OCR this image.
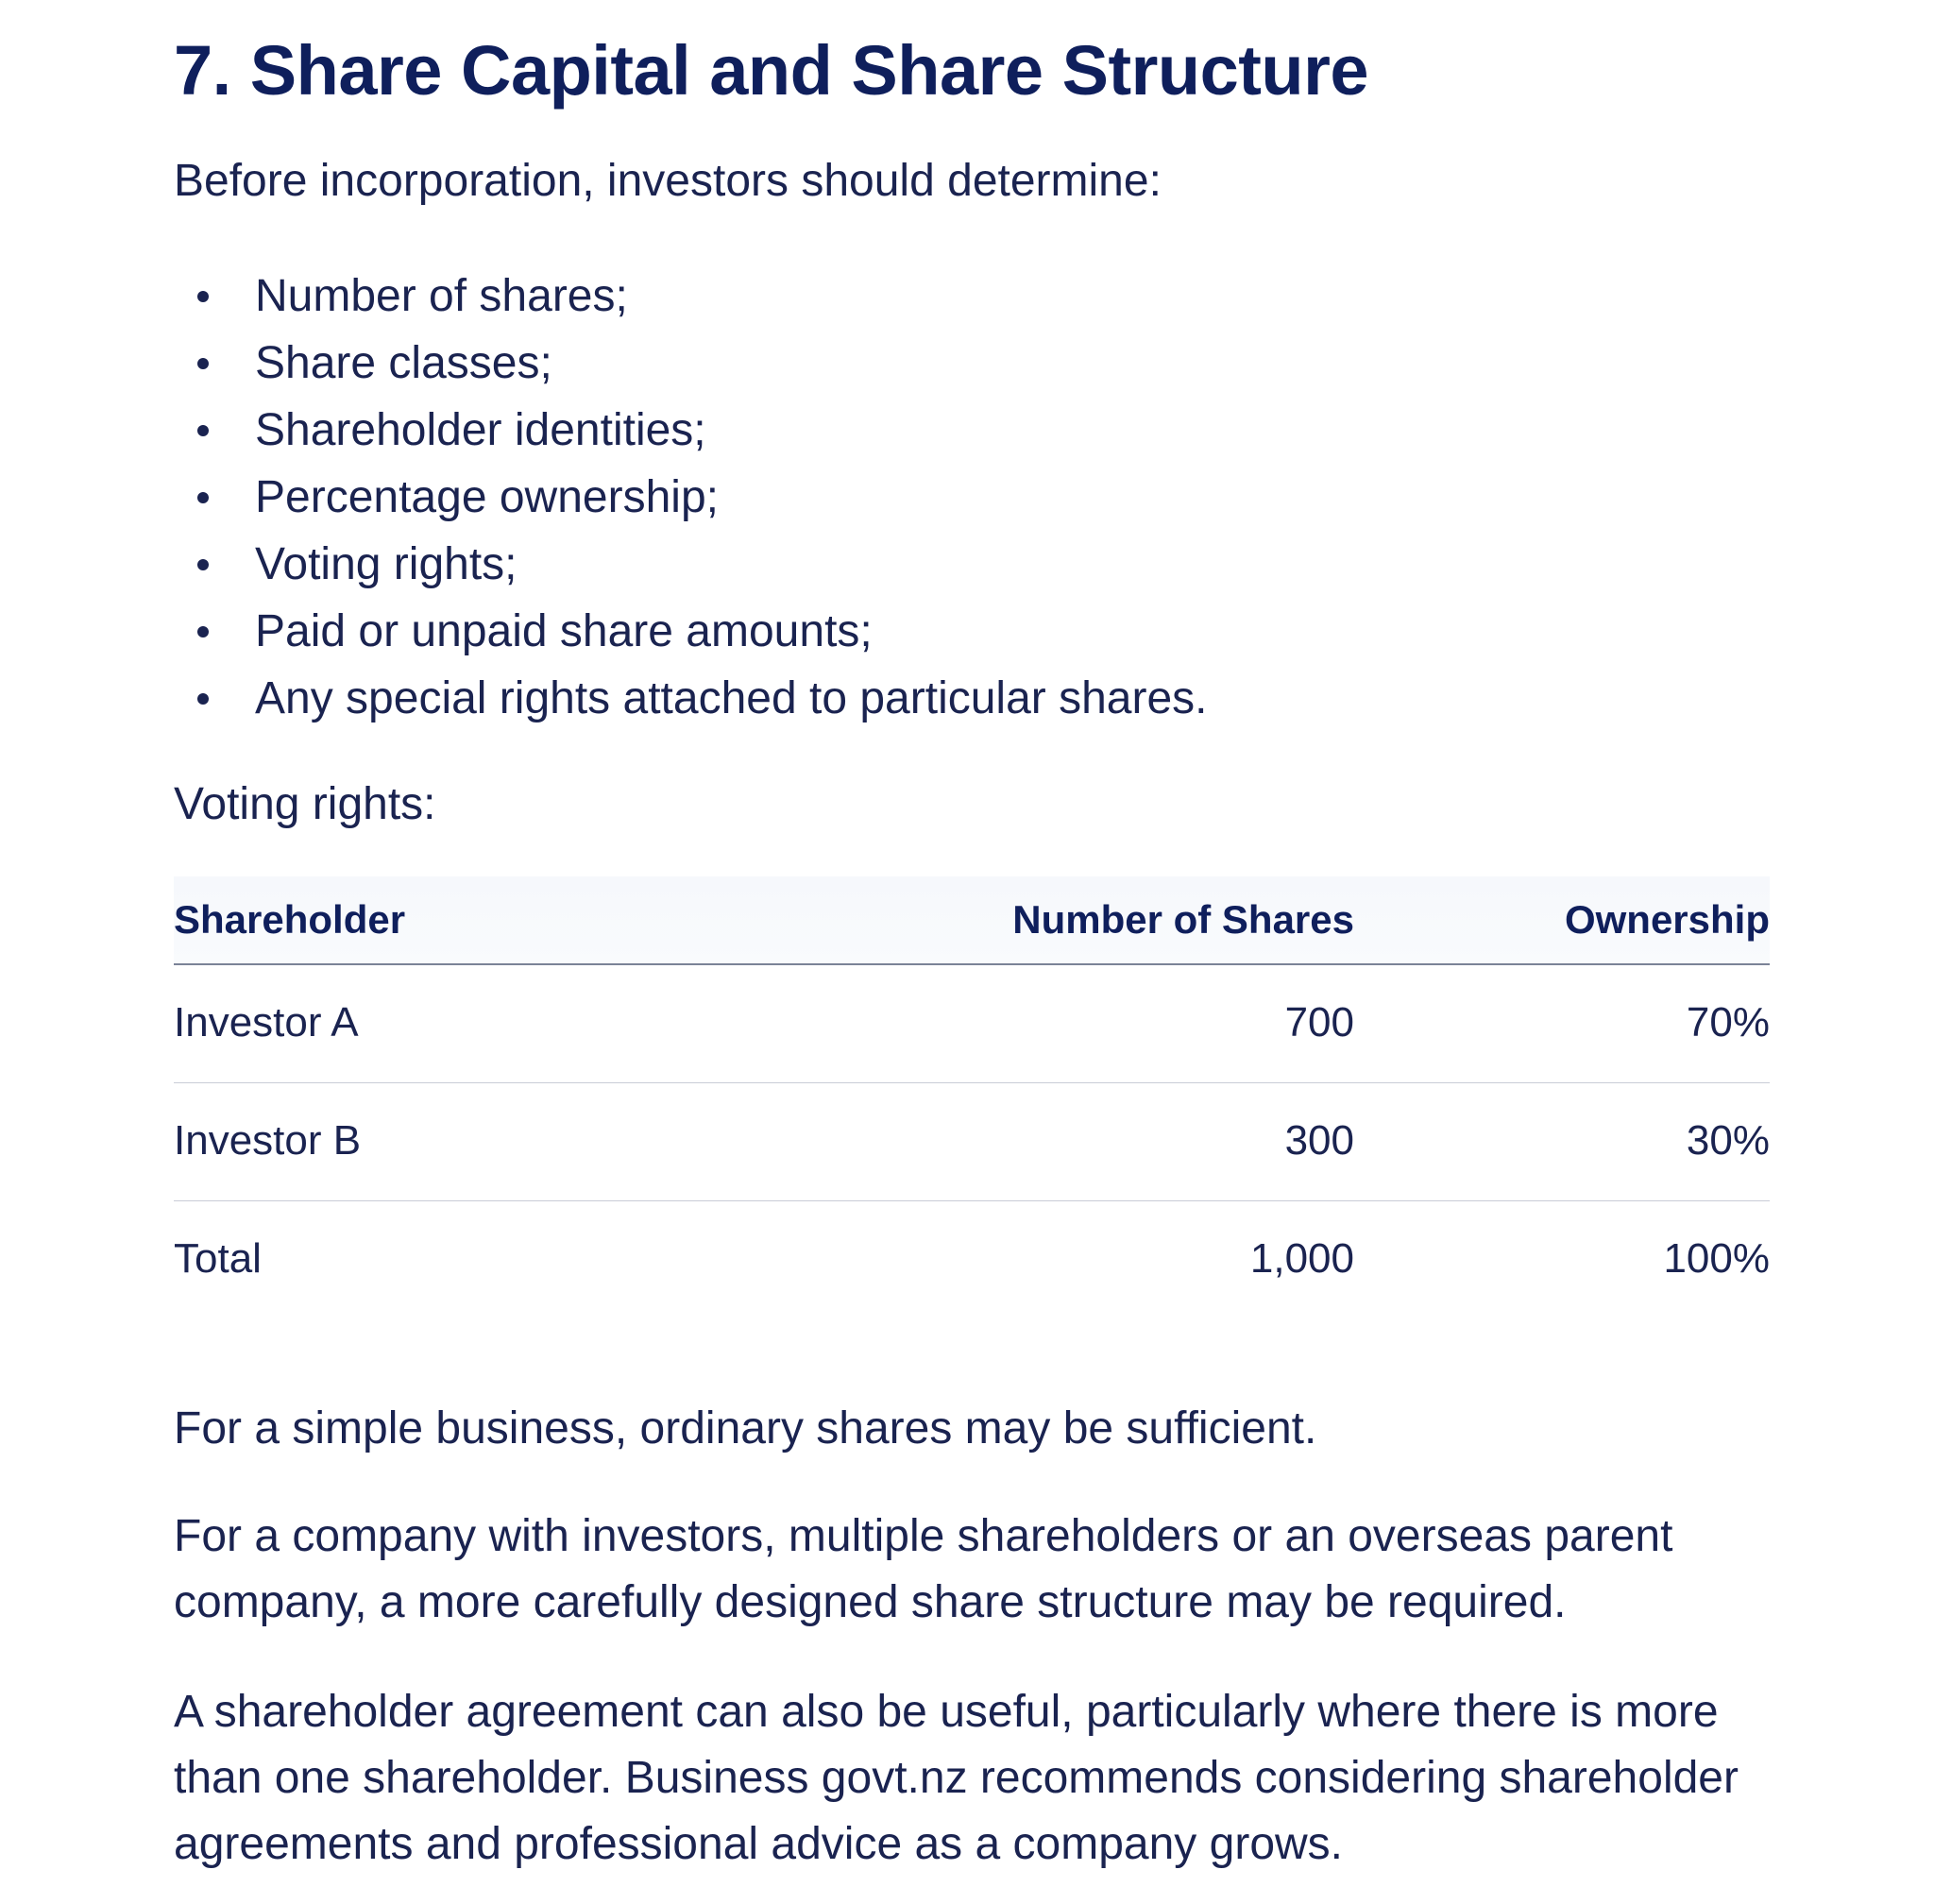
7. Share Capital and Share Structure
Before incorporation, investors should determine:
Number of shares;
Share classes;
Shareholder identities;
Percentage ownership;
Voting rights;
Paid or unpaid share amounts;
Any special rights attached to particular shares.
Voting rights:
Shareholder	Number of Shares	Ownership
Investor A	700	70%
Investor B	300	30%
Total	1,000	100%
For a simple business, ordinary shares may be sufficient.
For a company with investors, multiple shareholders or an overseas parent
company, a more carefully designed share structure may be required.
A shareholder agreement can also be useful, particularly where there is more
than one shareholder. Business govt.nz recommends considering shareholder
agreements and professional advice as a company grows.
